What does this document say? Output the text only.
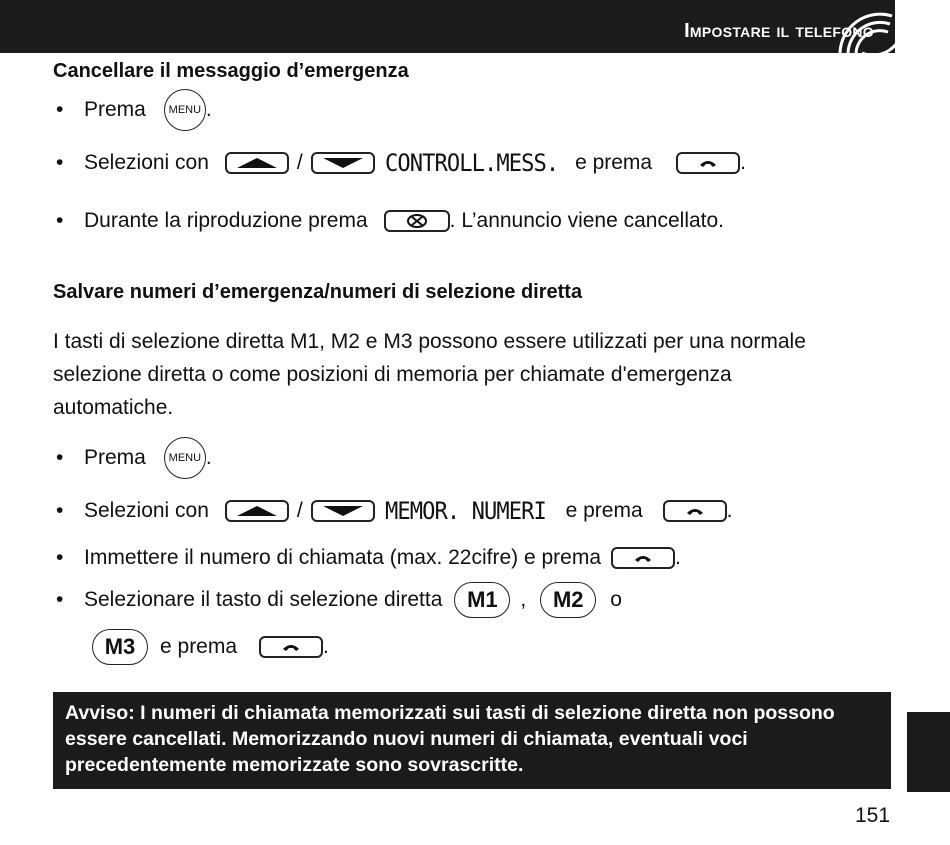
Impostare il telefono
Cancellare il messaggio d’emergenza
• Prema MENU .
• Selezioni con	/	CONTROLL.MESS. e prema	.
• Durante la riproduzione prema	. L’annuncio viene cancellato.
Salvare numeri d’emergenza/numeri di selezione diretta
I tasti di selezione diretta M1, M2 e M3 possono essere utilizzati per una normale selezione diretta o come posizioni di memoria per chiamate d'emergenza automatiche.
• Prema MENU .
• Selezioni con	/	MEMOR. NUMERI e prema	.
• Immettere il numero di chiamata (max. 22cifre) e prema	.
• Selezionare il tasto di selezione diretta	M1	,	M2	o
M3	e prema	.
Avviso: I numeri di chiamata memorizzati sui tasti di selezione diretta non possono essere cancellati. Memorizzando nuovi numeri di chiamata, eventuali voci precedentemente memorizzate sono sovrascritte.
151
